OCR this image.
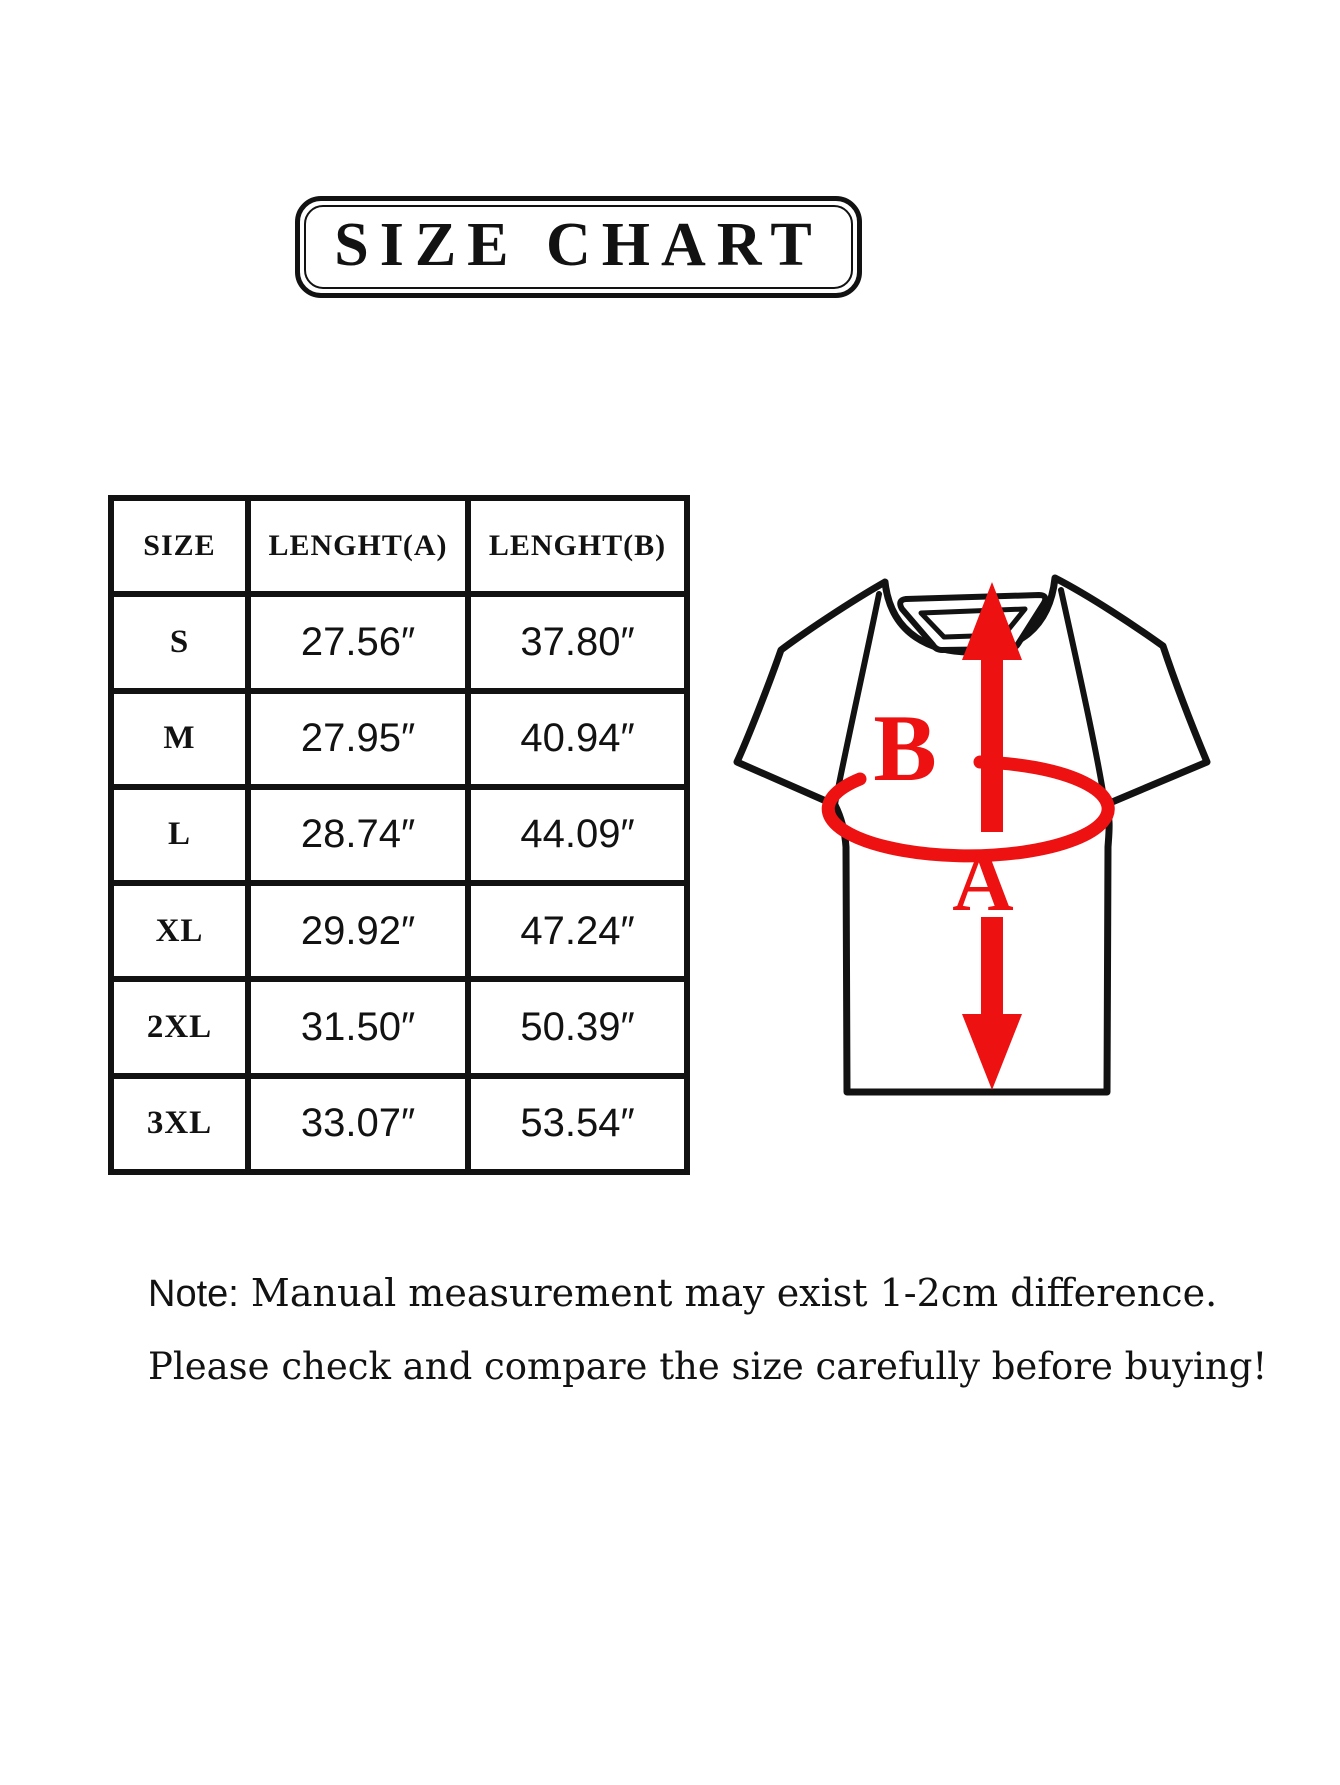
SIZE CHART
SIZE	LENGHT(A)	LENGHT(B)
S	27.56″	37.80″
M	27.95″	40.94″
L	28.74″	44.09″
XL	29.92″	47.24″
2XL	31.50″	50.39″
3XL	33.07″	53.54″
B
A
Note: Manual measurement may exist 1-2cm difference.
Please check and compare the size carefully before buying!
